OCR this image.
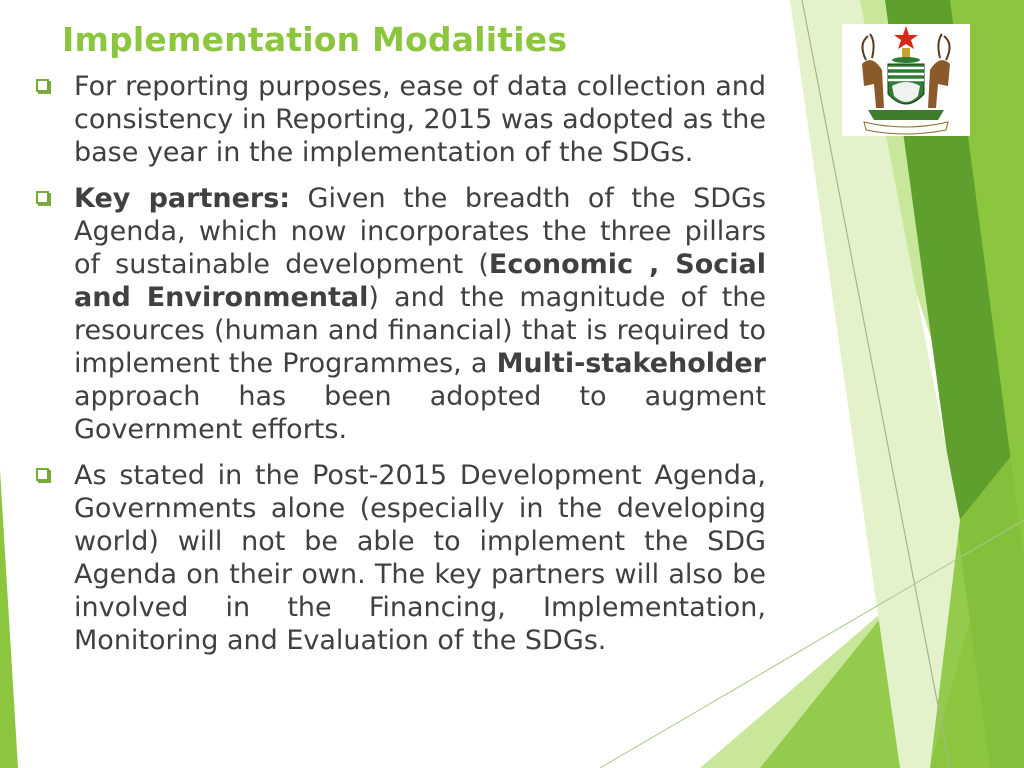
Implementation Modalities

For reporting purposes, ease of data collection and consistency in Reporting, 2015 was adopted as the base year in the implementation of the SDGs.

Key partners: Given the breadth of the SDGs Agenda, which now incorporates the three pillars of sustainable development (Economic , Social and Environmental) and the magnitude of the resources (human and financial) that is required to implement the Programmes, a Multi-stakeholder approach has been adopted to augment Government efforts.

As stated in the Post-2015 Development Agenda, Governments alone (especially in the developing world) will not be able to implement the SDG Agenda on their own. The key partners will also be involved in the Financing, Implementation, Monitoring and Evaluation of the SDGs.
